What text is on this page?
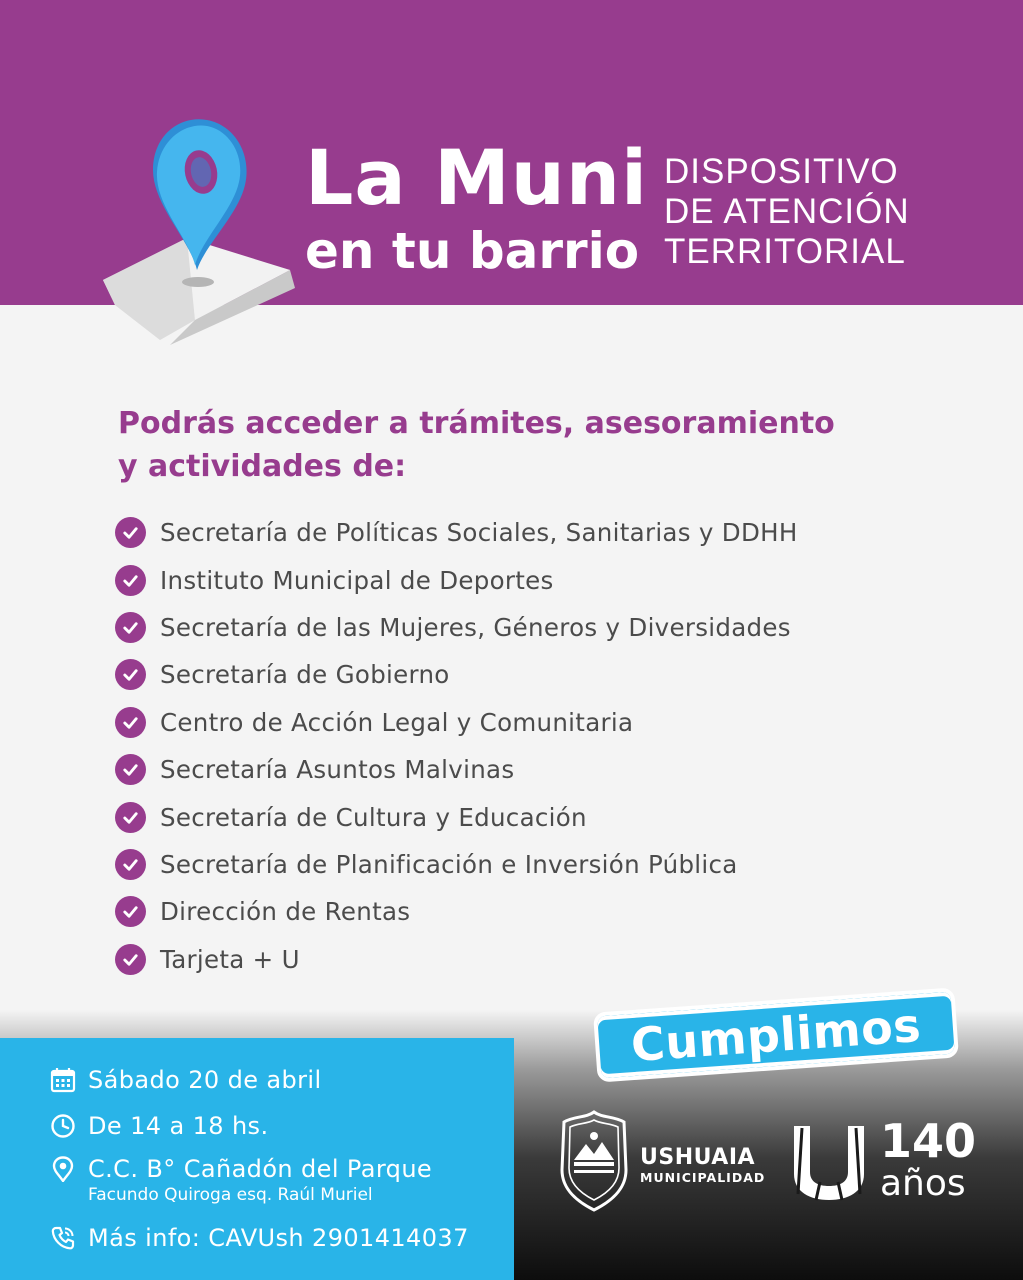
La Muni
en tu barrio
DISPOSITIVO
DE ATENCIÓN
TERRITORIAL
Podrás acceder a trámites, asesoramiento
y actividades de:
Secretaría de Políticas Sociales, Sanitarias y DDHH
Instituto Municipal de Deportes
Secretaría de las Mujeres, Géneros y Diversidades
Secretaría de Gobierno
Centro de Acción Legal y Comunitaria
Secretaría Asuntos Malvinas
Secretaría de Cultura y Educación
Secretaría de Planificación e Inversión Pública
Dirección de Rentas
Tarjeta + U
Sábado 20 de abril
De 14 a 18 hs.
C.C. B° Cañadón del Parque
Facundo Quiroga esq. Raúl Muriel
Más info: CAVUsh 2901414037
Cumplimos
USHUAIA
MUNICIPALIDAD
140
años
